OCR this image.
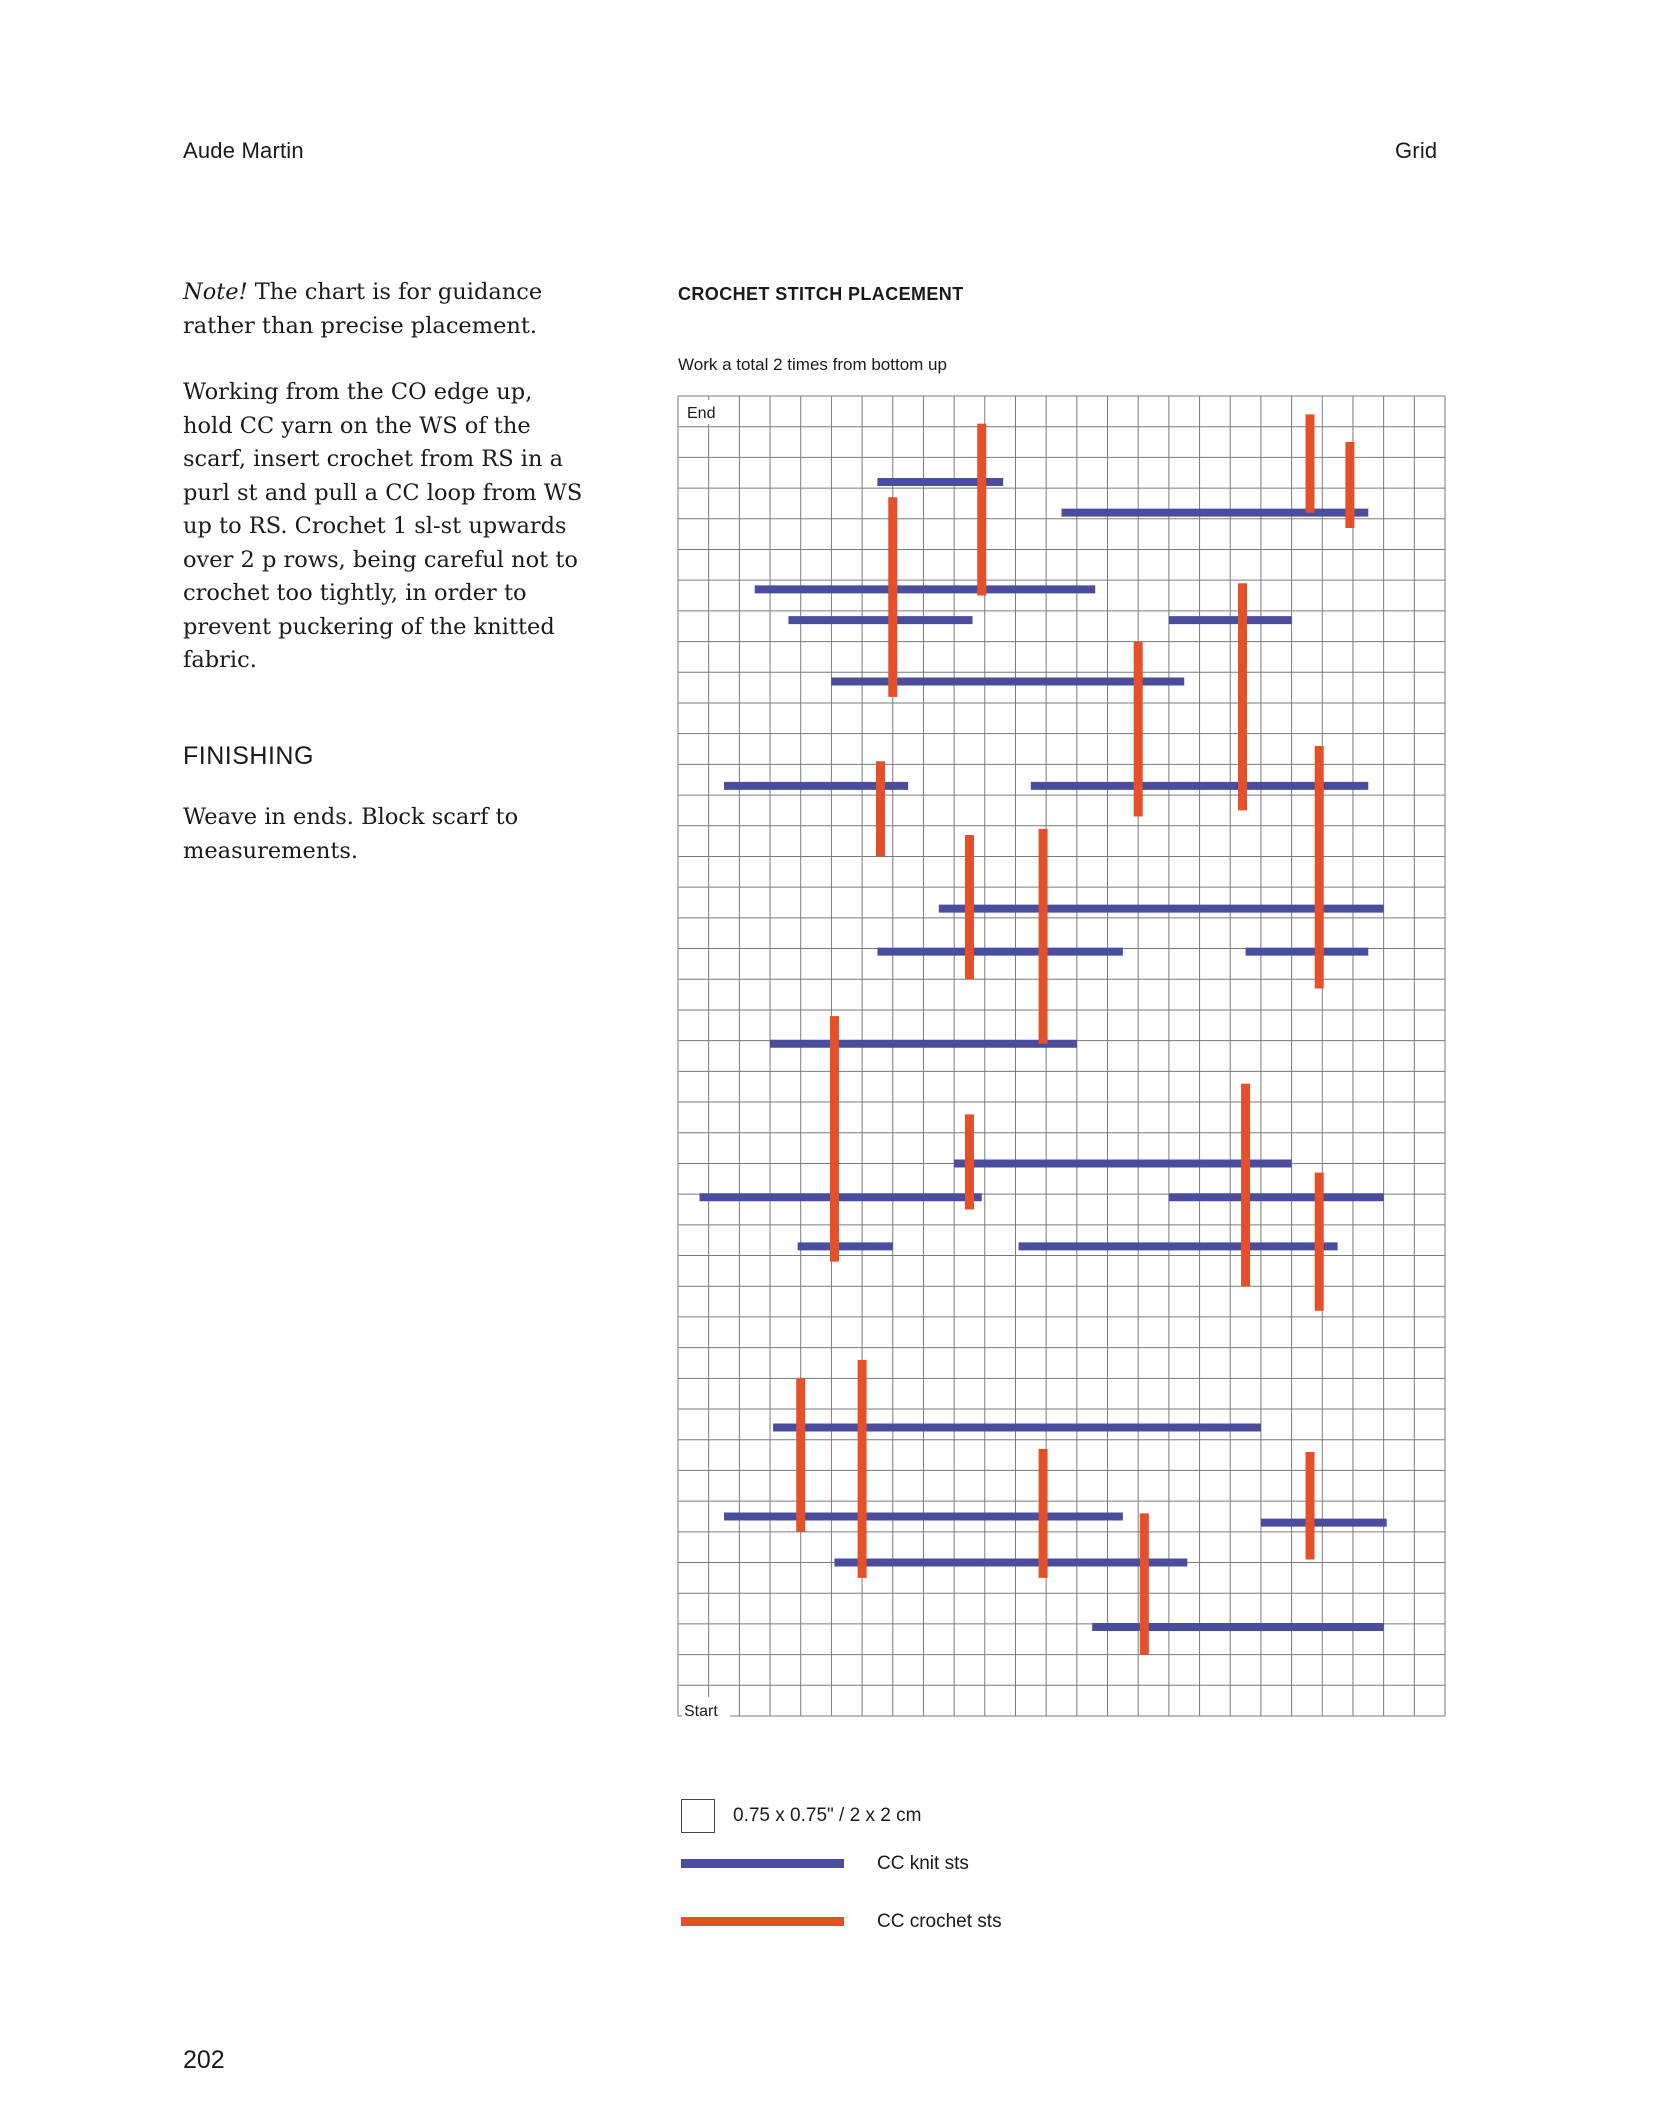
Aude Martin	Grid

Note! The chart is for guidance rather than precise placement.

Working from the CO edge up, hold CC yarn on the WS of the scarf, insert crochet from RS in a purl st and pull a CC loop from WS up to RS. Crochet 1 sl-st upwards over 2 p rows, being careful not to crochet too tightly, in order to prevent puckering of the knitted fabric.

FINISHING

Weave in ends. Block scarf to measurements.

CROCHET STITCH PLACEMENT
Work a total 2 times from bottom up
End
Start
0.75 x 0.75" / 2 x 2 cm
CC knit sts
CC crochet sts
202
